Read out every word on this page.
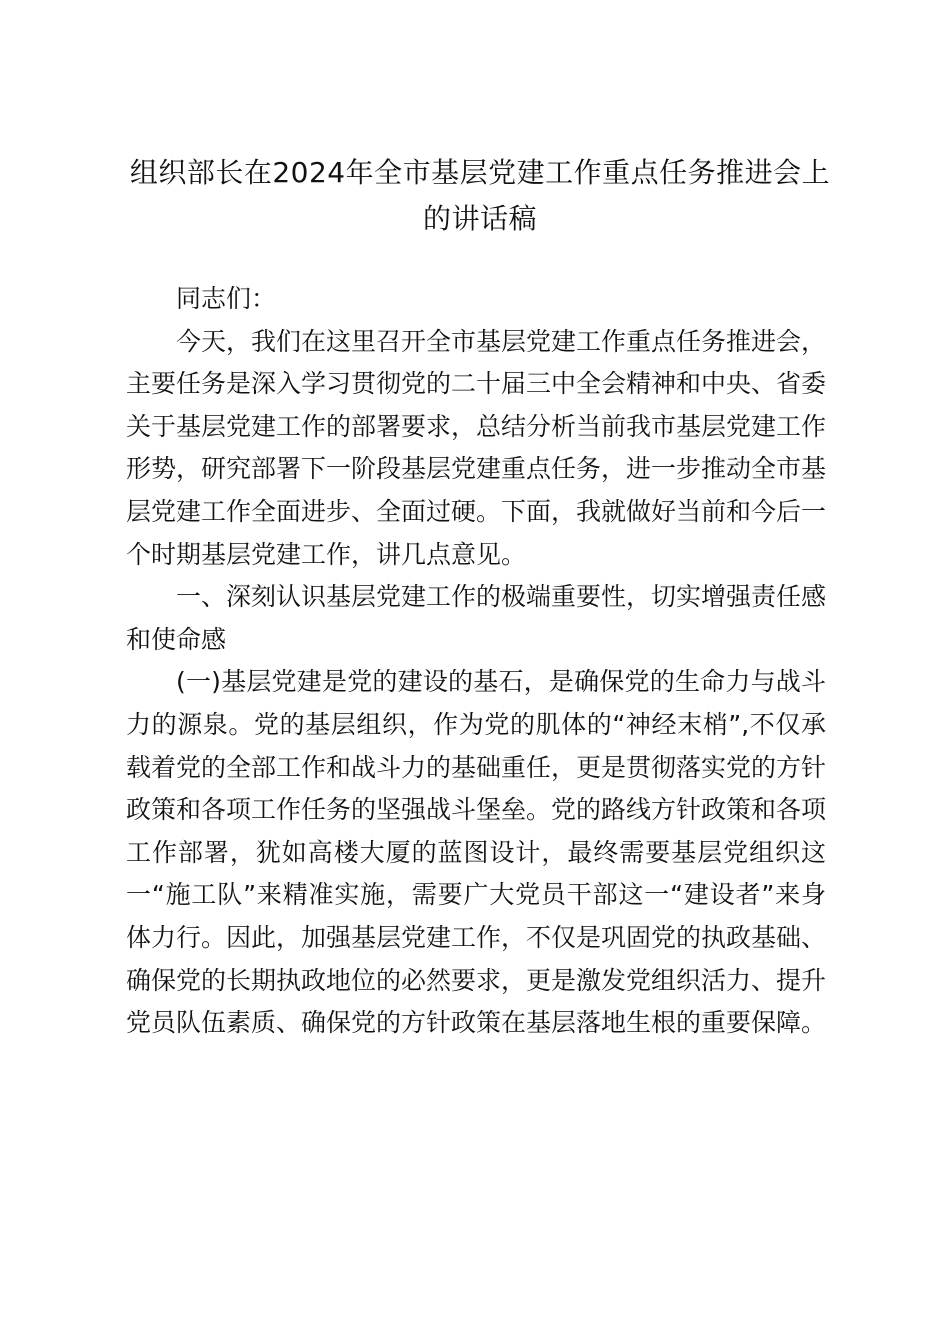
组织部长在2024年全市基层党建工作重点任务推进会上的讲话稿

同志们：

今天，我们在这里召开全市基层党建工作重点任务推进会，主要任务是深入学习贯彻党的二十届三中全会精神和中央、省委关于基层党建工作的部署要求，总结分析当前我市基层党建工作形势，研究部署下一阶段基层党建重点任务，进一步推动全市基层党建工作全面进步、全面过硬。下面，我就做好当前和今后一个时期基层党建工作，讲几点意见。

一、深刻认识基层党建工作的极端重要性，切实增强责任感和使命感

(一)基层党建是党的建设的基石，是确保党的生命力与战斗力的源泉。党的基层组织，作为党的肌体的“神经末梢”,不仅承载着党的全部工作和战斗力的基础重任，更是贯彻落实党的方针政策和各项工作任务的坚强战斗堡垒。党的路线方针政策和各项工作部署，犹如高楼大厦的蓝图设计，最终需要基层党组织这一“施工队”来精准实施，需要广大党员干部这一“建设者”来身体力行。因此，加强基层党建工作，不仅是巩固党的执政基础、确保党的长期执政地位的必然要求，更是激发党组织活力、提升党员队伍素质、确保党的方针政策在基层落地生根的重要保障。
